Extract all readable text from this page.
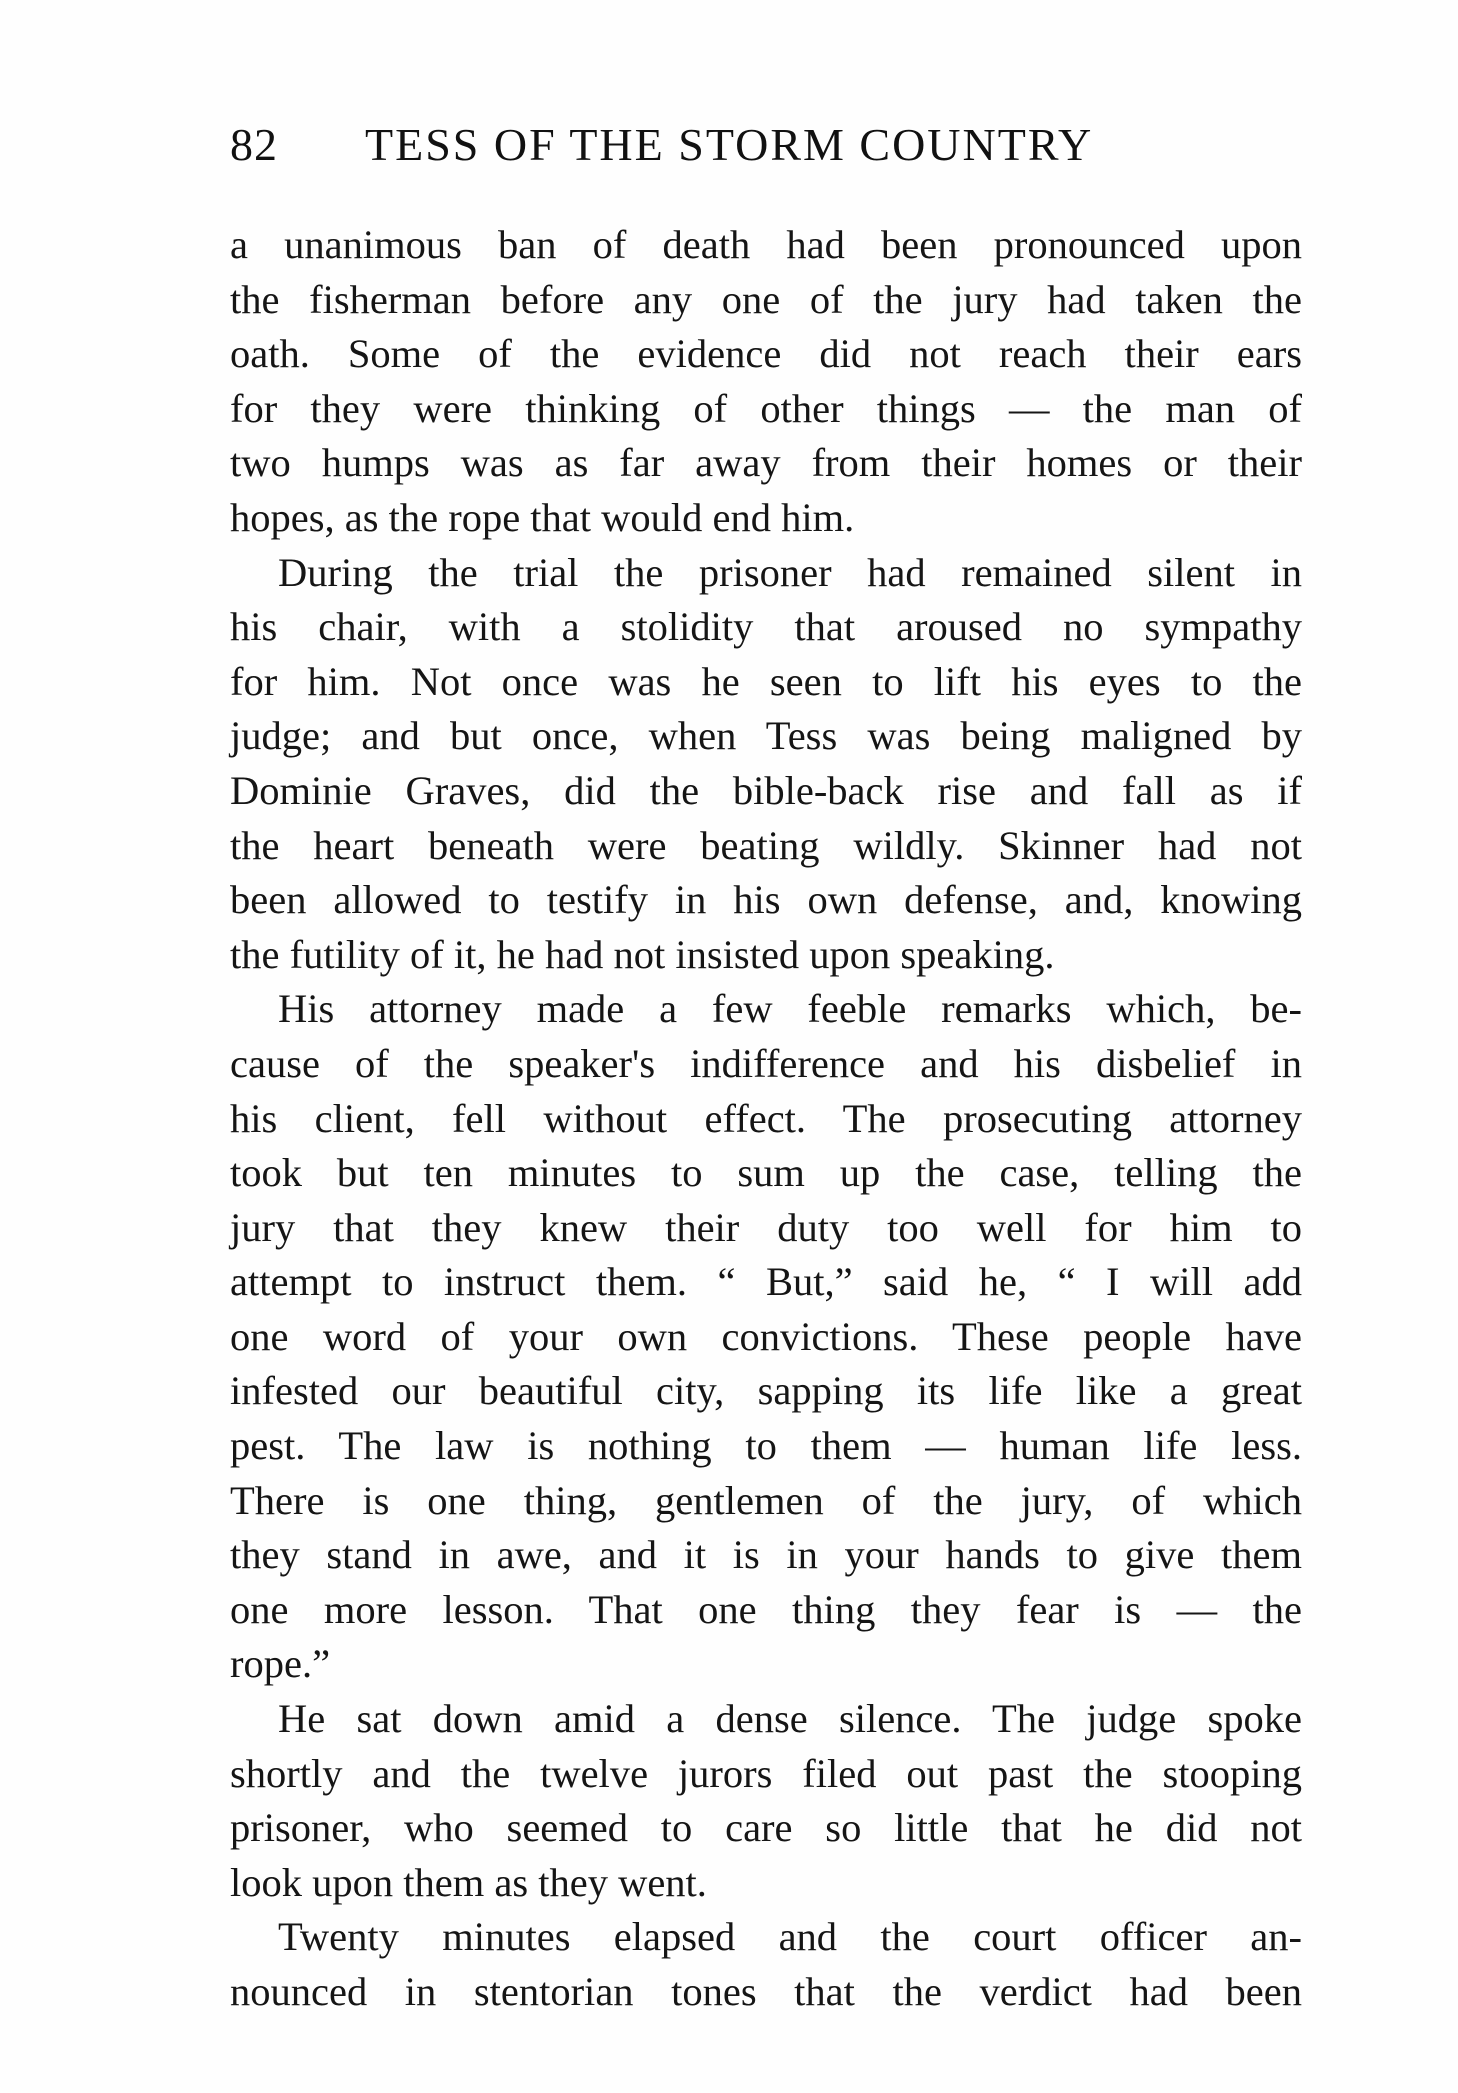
82 TESS OF THE STORM COUNTRY

a unanimous ban of death had been pronounced upon
the fisherman before any one of the jury had taken the
oath. Some of the evidence did not reach their ears
for they were thinking of other things — the man of
two humps was as far away from their homes or their
hopes, as the rope that would end him.

During the trial the prisoner had remained silent in
his chair, with a stolidity that aroused no sympathy
for him. Not once was he seen to lift his eyes to the
judge; and but once, when Tess was being maligned by
Dominie Graves, did the bible-back rise and fall as if
the heart beneath were beating wildly. Skinner had not
been allowed to testify in his own defense, and, knowing
the futility of it, he had not insisted upon speaking.

His attorney made a few feeble remarks which, be-
cause of the speaker's indifference and his disbelief in
his client, fell without effect. The prosecuting attorney
took but ten minutes to sum up the case, telling the
jury that they knew their duty too well for him to
attempt to instruct them. “ But,” said he, “ I will add
one word of your own convictions. These people have
infested our beautiful city, sapping its life like a great
pest. The law is nothing to them — human life less.
There is one thing, gentlemen of the jury, of which
they stand in awe, and it is in your hands to give them
one more lesson. That one thing they fear is — the
rope.”

He sat down amid a dense silence. The judge spoke
shortly and the twelve jurors filed out past the stooping
prisoner, who seemed to care so little that he did not
look upon them as they went.

Twenty minutes elapsed and the court officer an-
nounced in stentorian tones that the verdict had been
